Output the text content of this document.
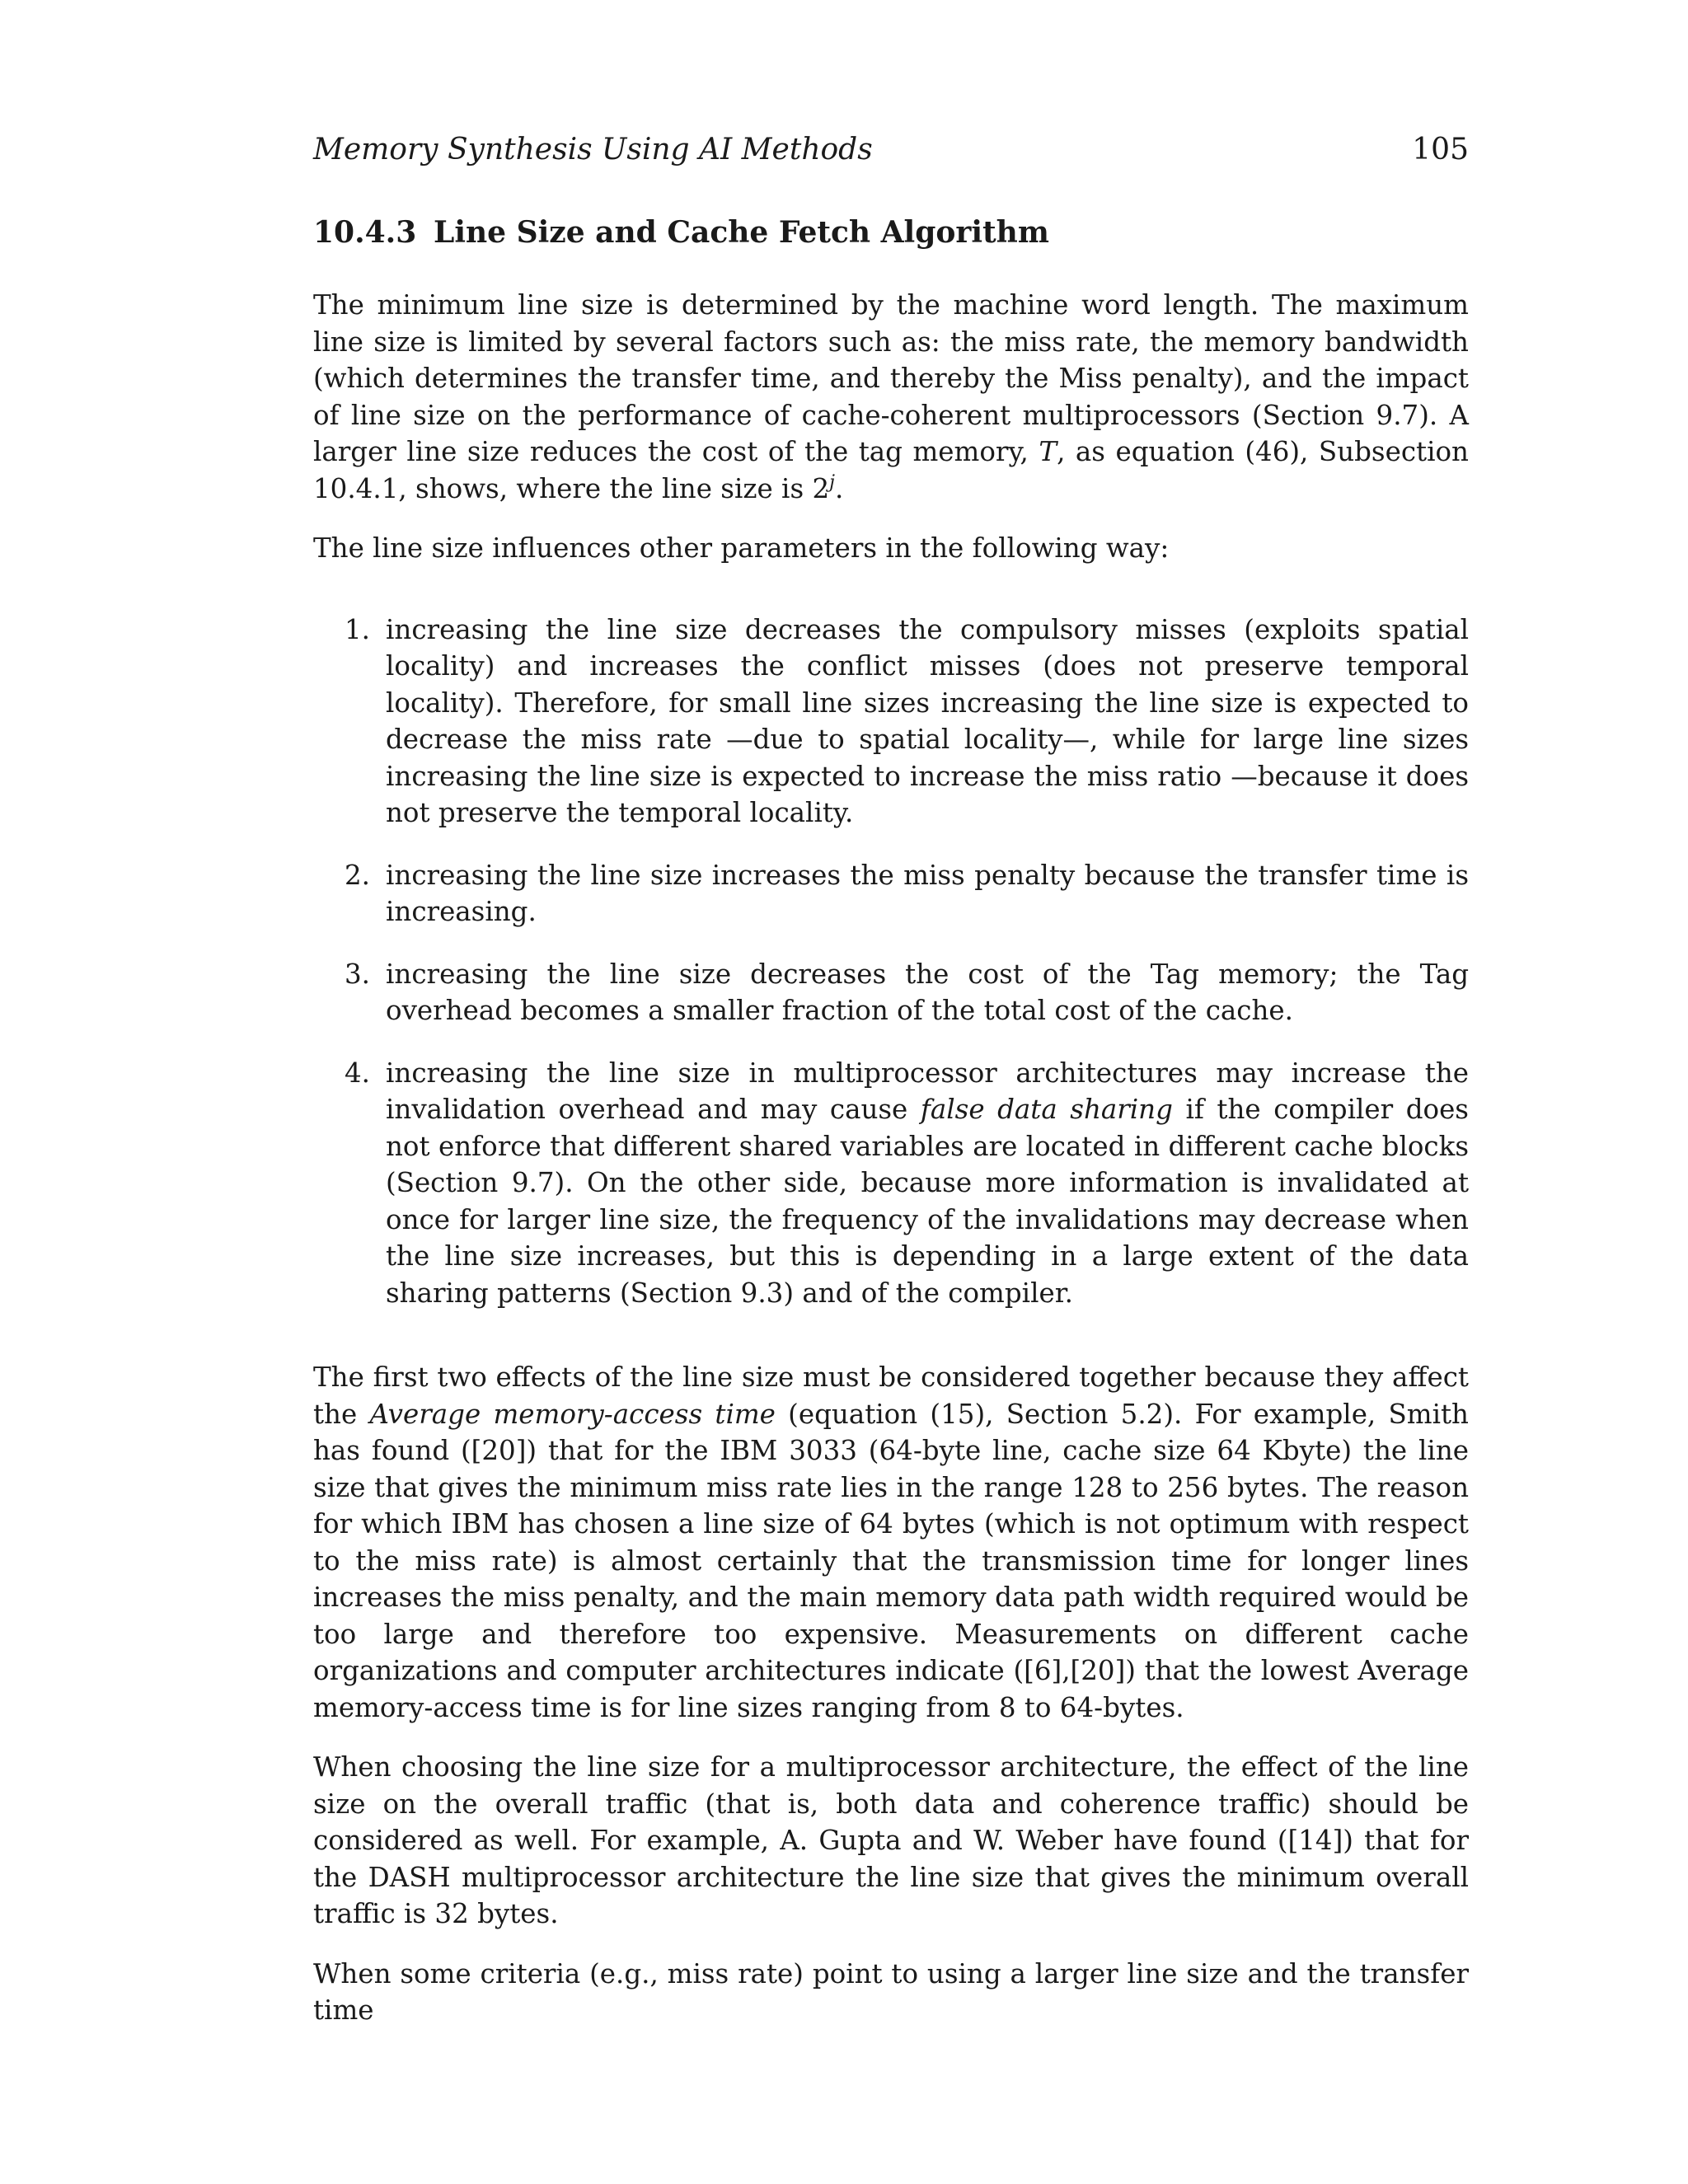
Memory Synthesis Using AI Methods	105
10.4.3 Line Size and Cache Fetch Algorithm

The minimum line size is determined by the machine word length. The maximum line size is limited by several factors such as: the miss rate, the memory bandwidth (which determines the transfer time, and thereby the Miss penalty), and the impact of line size on the performance of cache-coherent multiprocessors (Section 9.7). A larger line size reduces the cost of the tag memory, T, as equation (46), Subsection 10.4.1, shows, where the line size is 2$^j$.

The line size influences other parameters in the following way:

1. increasing the line size decreases the compulsory misses (exploits spatial locality) and increases the conflict misses (does not preserve temporal locality). Therefore, for small line sizes increasing the line size is expected to decrease the miss rate —due to spatial locality—, while for large line sizes increasing the line size is expected to increase the miss ratio —because it does not preserve the temporal locality.
2. increasing the line size increases the miss penalty because the transfer time is increasing.
3. increasing the line size decreases the cost of the Tag memory; the Tag overhead becomes a smaller fraction of the total cost of the cache.
4. increasing the line size in multiprocessor architectures may increase the invalidation overhead and may cause false data sharing if the compiler does not enforce that different shared variables are located in different cache blocks (Section 9.7). On the other side, because more information is invalidated at once for larger line size, the frequency of the invalidations may decrease when the line size increases, but this is depending in a large extent of the data sharing patterns (Section 9.3) and of the compiler.

The first two effects of the line size must be considered together because they affect the Average memory-access time (equation (15), Section 5.2). For example, Smith has found ([20]) that for the IBM 3033 (64-byte line, cache size 64 Kbyte) the line size that gives the minimum miss rate lies in the range 128 to 256 bytes. The reason for which IBM has chosen a line size of 64 bytes (which is not optimum with respect to the miss rate) is almost certainly that the transmission time for longer lines increases the miss penalty, and the main memory data path width required would be too large and therefore too expensive. Measurements on different cache organizations and computer architectures indicate ([6],[20]) that the lowest Average memory-access time is for line sizes ranging from 8 to 64-bytes.

When choosing the line size for a multiprocessor architecture, the effect of the line size on the overall traffic (that is, both data and coherence traffic) should be considered as well. For example, A. Gupta and W. Weber have found ([14]) that for the DASH multiprocessor architecture the line size that gives the minimum overall traffic is 32 bytes.

When some criteria (e.g., miss rate) point to using a larger line size and the transfer time
